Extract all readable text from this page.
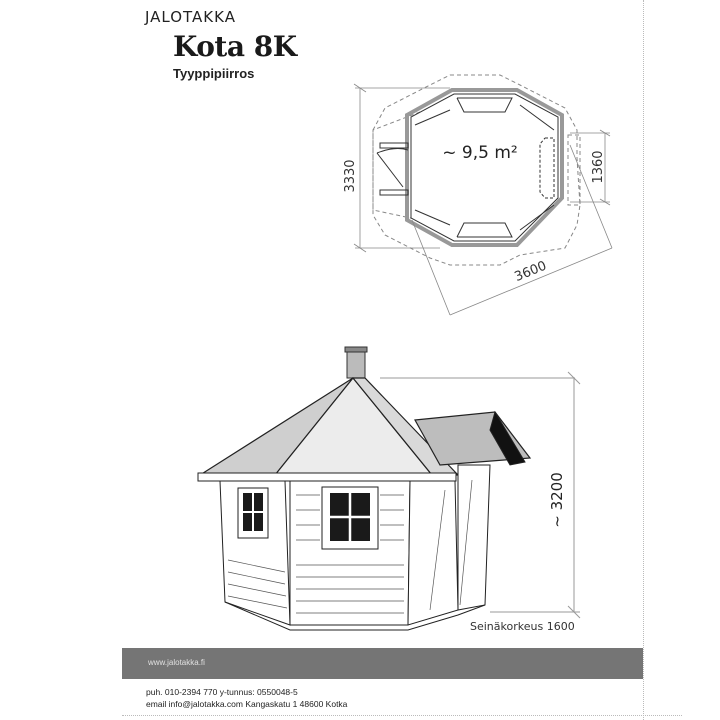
JALOTAKKA
Kota 8K
Tyyppipiirros
3330	1360
3600
~ 9,5 m²
~ 3200
Seinäkorkeus 1600
www.jalotakka.fi
puh. 010-2394 770 y-tunnus: 0550048-5
email info@jalotakka.com Kangaskatu 1 48600 Kotka
